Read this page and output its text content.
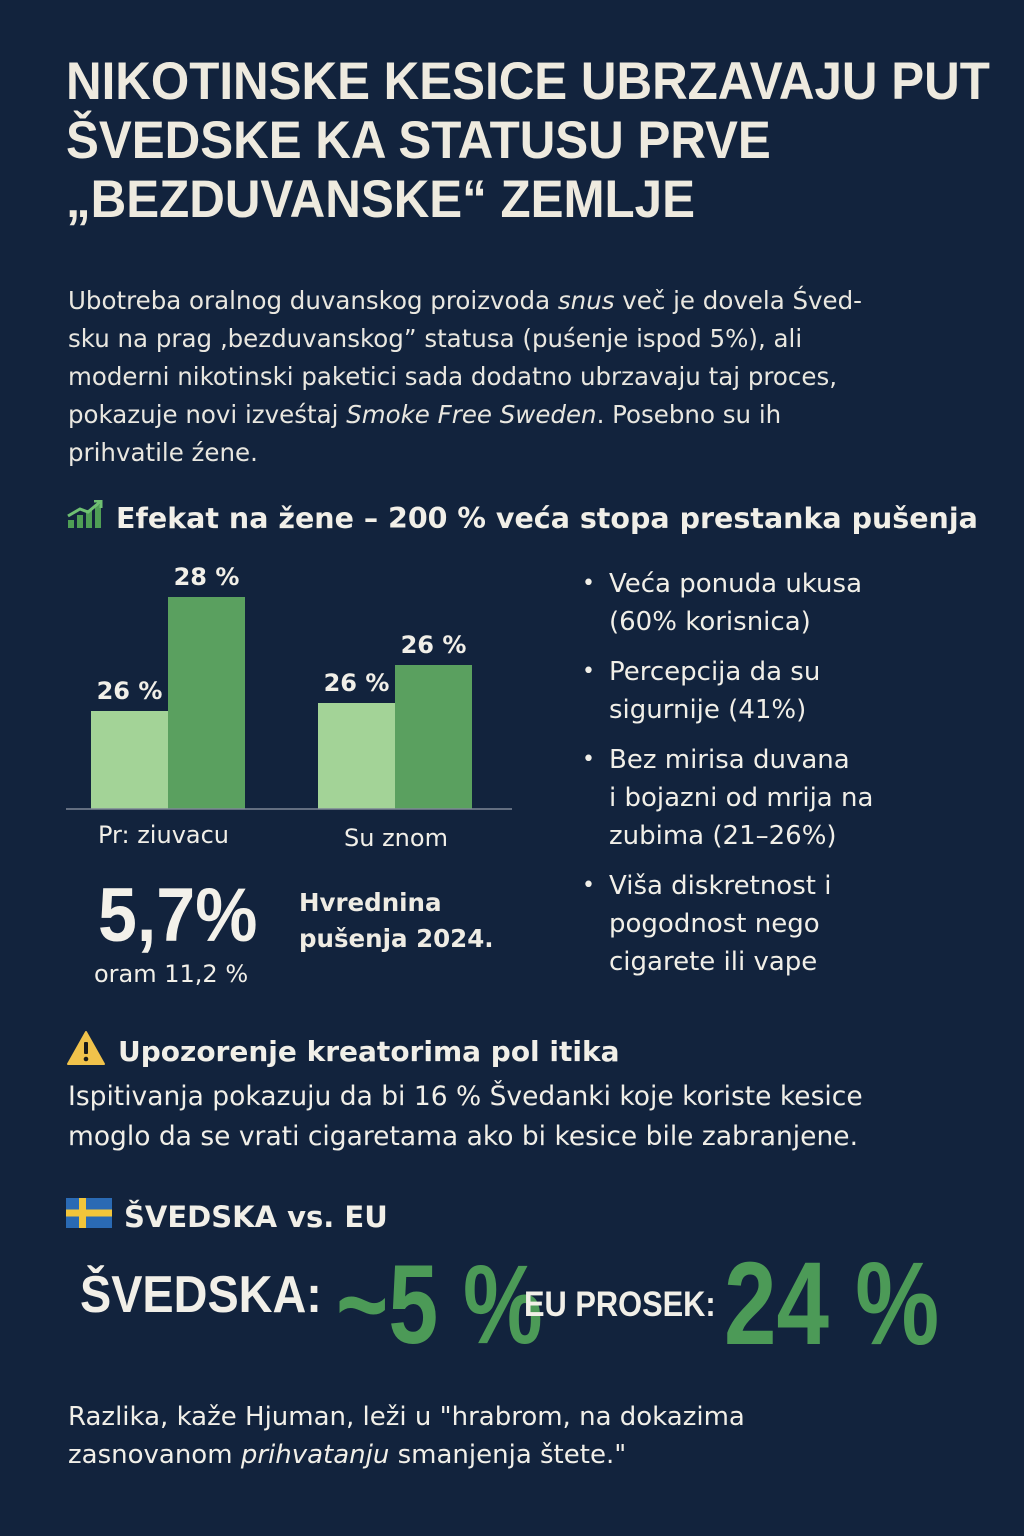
NIKOTINSKE KESICE UBRZAVAJU PUT
ŠVEDSKE KA STATUSU PRVE
„BEZDUVANSKE“ ZEMLJE

Ubotreba oralnog duvanskog proizvoda snus več je dovela Śved-
sku na prag ‚bezduvanskog” statusa (puśenje ispod 5%), ali
moderni nikotinski paketici sada dodatno ubrzavaju taj proces,
pokazuje novi izveśtaj Smoke Free Sweden. Posebno su ih
prihvatile źene.

Efekat na žene – 200 % veća stopa prestanka pušenja
26 %
28 %
26 %
26 %
Pr: ziuvacu	Su znom
5,7%
oram 11,2 %
Hvrednina
pušenja 2024.
• Veća ponuda ukusa
(60% korisnica)
• Percepcija da su
sigurnije (41%)
• Bez mirisa duvana
i bojazni od mrija na
zubima (21–26%)
• Viša diskretnost i
pogodnost nego
cigarete ili vape
Upozorenje kreatorima pol itika
Ispitivanja pokazuju da bi 16 % Švedanki koje koriste kesice
moglo da se vrati cigaretama ako bi kesice bile zabranjene.
ŠVEDSKA vs. EU
ŠVEDSKA: ~5 %
EU PROSEK: 24 %
Razlika, kaže Hjuman, leži u "hrabrom, na dokazima
zasnovanom prihvatanju smanjenja štete."
